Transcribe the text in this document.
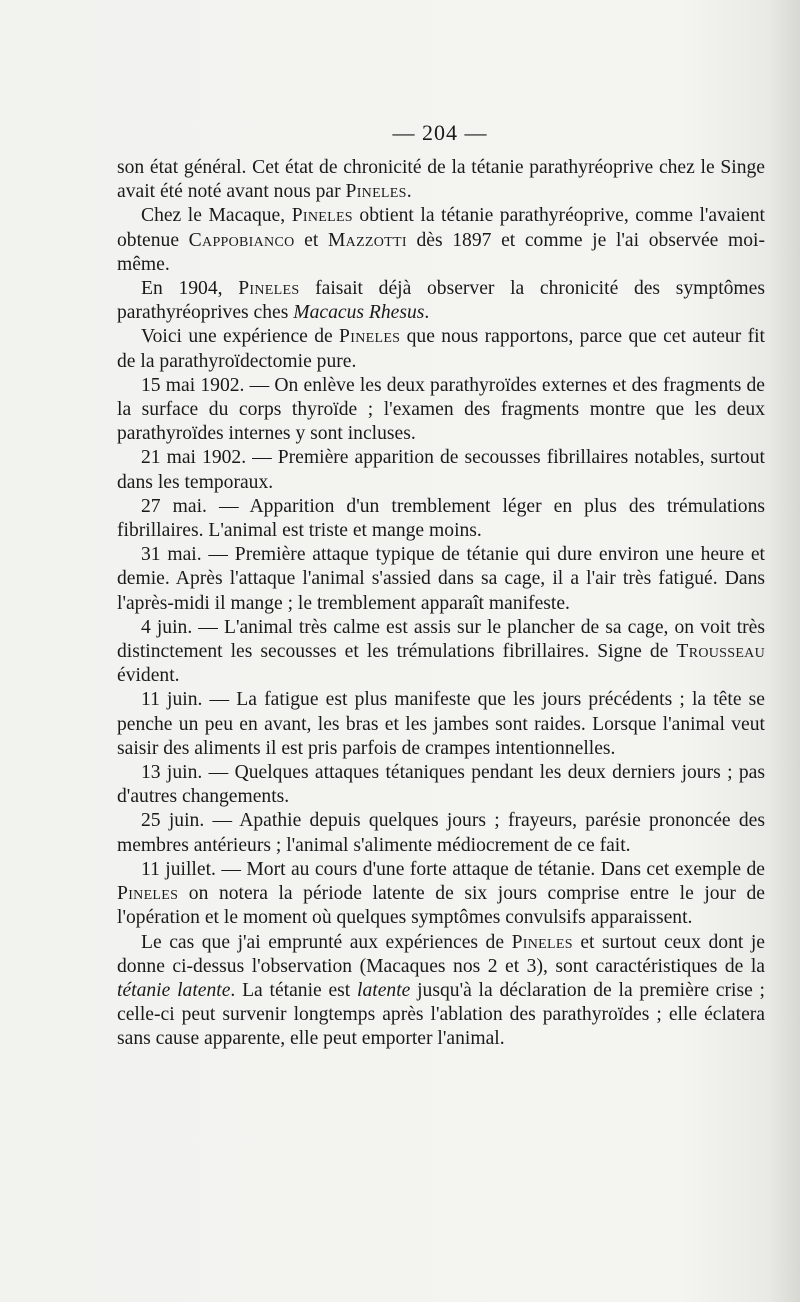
— 204 —

son état général. Cet état de chronicité de la tétanie parathyréoprive chez le Singe avait été noté avant nous par Pineles.

Chez le Macaque, Pineles obtient la tétanie parathyréoprive, comme l'avaient obtenue Cappobianco et Mazzotti dès 1897 et comme je l'ai observée moi-même.

En 1904, Pineles faisait déjà observer la chronicité des symptômes parathyréoprives ches Macacus Rhesus.

Voici une expérience de Pineles que nous rapportons, parce que cet auteur fit de la parathyroïdectomie pure.

15 mai 1902. — On enlève les deux parathyroïdes externes et des fragments de la surface du corps thyroïde ; l'examen des fragments montre que les deux parathyroïdes internes y sont incluses.

21 mai 1902. — Première apparition de secousses fibrillaires notables, surtout dans les temporaux.

27 mai. — Apparition d'un tremblement léger en plus des trémulations fibrillaires. L'animal est triste et mange moins.

31 mai. — Première attaque typique de tétanie qui dure environ une heure et demie. Après l'attaque l'animal s'assied dans sa cage, il a l'air très fatigué. Dans l'après-midi il mange ; le tremblement apparaît manifeste.

4 juin. — L'animal très calme est assis sur le plancher de sa cage, on voit très distinctement les secousses et les trémulations fibrillaires. Signe de Trousseau évident.

11 juin. — La fatigue est plus manifeste que les jours précédents ; la tête se penche un peu en avant, les bras et les jambes sont raides. Lorsque l'animal veut saisir des aliments il est pris parfois de crampes intentionnelles.

13 juin. — Quelques attaques tétaniques pendant les deux derniers jours ; pas d'autres changements.

25 juin. — Apathie depuis quelques jours ; frayeurs, parésie prononcée des membres antérieurs ; l'animal s'alimente médiocrement de ce fait.

11 juillet. — Mort au cours d'une forte attaque de tétanie. Dans cet exemple de Pineles on notera la période latente de six jours comprise entre le jour de l'opération et le moment où quelques symptômes convulsifs apparaissent.

Le cas que j'ai emprunté aux expériences de Pineles et surtout ceux dont je donne ci-dessus l'observation (Macaques nos 2 et 3), sont caractéristiques de la tétanie latente. La tétanie est latente jusqu'à la déclaration de la première crise ; celle-ci peut survenir longtemps après l'ablation des parathyroïdes ; elle éclatera sans cause apparente, elle peut emporter l'animal.
